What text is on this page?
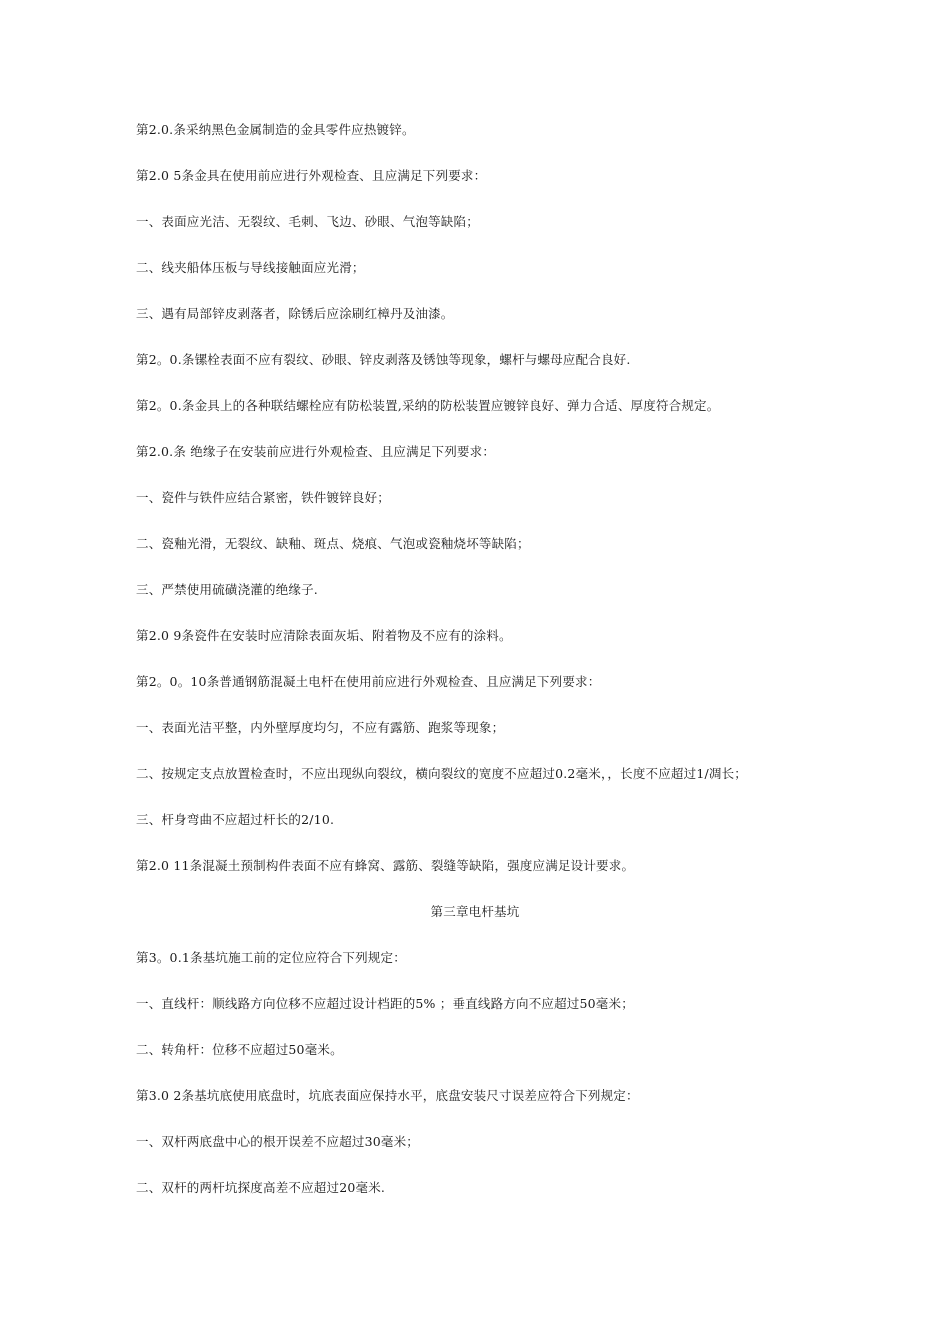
第2.0.条采纳黑色金属制造的金具零件应热镀锌。
第2.0 5条金具在使用前应进行外观检查、且应满足下列要求：
一、表面应光洁、无裂纹、毛刺、飞边、砂眼、气泡等缺陷；
二、线夹船体压板与导线接触面应光滑；
三、遇有局部锌皮剥落者，除锈后应涂刷红樟丹及油漆。
第2。0.条镙栓表面不应有裂纹、砂眼、锌皮剥落及锈蚀等现象，螺杆与螺母应配合良好.
第2。0.条金具上的各种联结螺栓应有防松装置,采纳的防松装置应镀锌良好、弹力合适、厚度符合规定。
第2.0.条 绝缘子在安装前应进行外观检查、且应满足下列要求：
一、瓷件与铁件应结合紧密，铁件镀锌良好；
二、瓷釉光滑，无裂纹、缺釉、斑点、烧痕、气泡或瓷釉烧坏等缺陷；
三、严禁使用硫磺浇灌的绝缘子.
第2.0 9条瓷件在安装时应清除表面灰垢、附着物及不应有的涂料。
第2。0。10条普通钢筋混凝土电杆在使用前应进行外观检查、且应满足下列要求：
一、表面光洁平整，内外壁厚度均匀，不应有露筋、跑浆等现象；
二、按规定支点放置检查时，不应出现纵向裂纹，横向裂纹的宽度不应超过0.2毫米，，长度不应超过1/凋长；
三、杆身弯曲不应超过杆长的2/10.
第2.0 11条混凝土预制构件表面不应有蜂窝、露筋、裂缝等缺陷，强度应满足设计要求。
第三章电杆基坑
第3。0.1条基坑施工前的定位应符合下列规定：
一、直线杆：顺线路方向位移不应超过设计档距的5% ；垂直线路方向不应超过50毫米；
二、转角杆：位移不应超过50毫米。
第3.0 2条基坑底使用底盘时，坑底表面应保持水平，底盘安装尺寸误差应符合下列规定：
一、双杆两底盘中心的根开误差不应超过30毫米；
二、双杆的两杆坑探度高差不应超过20毫米.
